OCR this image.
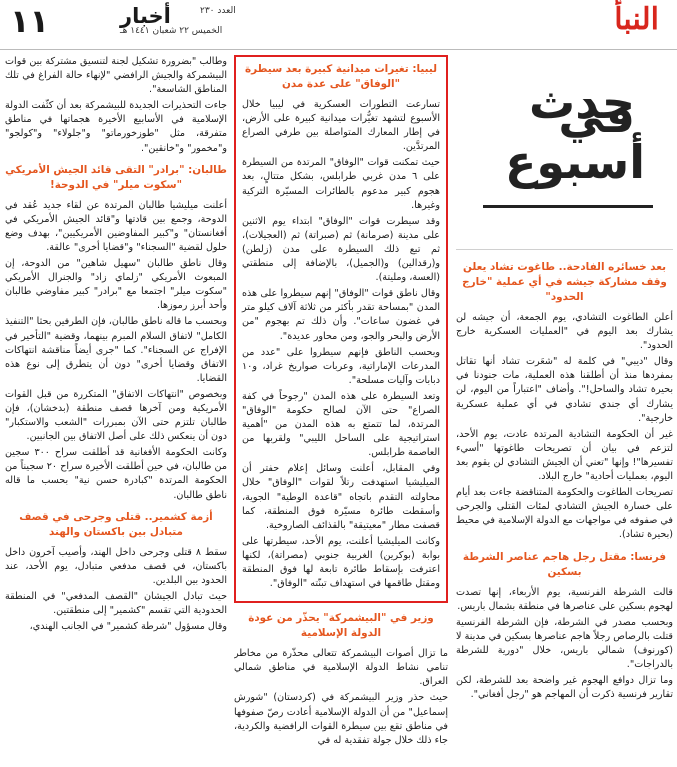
١١	أخبار	العدد ٢٣٠
الخميس ٢٢ شعبان ١٤٤١ هـ	النبأ
حدث في
أسبوع
بعد خسائره الفادحة.. طاغوت تشاد يعلن وقف مشاركة جيشه في أي عملية "خارج الحدود"

أعلن الطاغوت التشادي، يوم الجمعة، أن جيشه لن يشارك بعد اليوم في "العمليات العسكرية خارج الحدود".

وقال "ديبي" في كلمة له "شعَرت تشاد أنها تقاتل بمفردها منذ أن أطلقنا هذه العملية، مات جنودنا في بحيرة تشاد والساحل!". وأضاف "اعتباراً من اليوم، لن يشارك أي جندي تشادي في أي عملية عسكرية خارجية".

غير أن الحكومة التشادية المرتدة عادت، يوم الأحد، لتزعم في بيان أن تصريحات طاغوتها "أسيء تفسيرها"! وإنها "تعني أن الجيش التشادي لن يقوم بعد اليوم، بعمليات أحادية" خارج البلاد.

تصريحات الطاغوت والحكومة المتناقضة جاءت بعد أيام على خسارة الجيش التشادي لمئات القتلى والجرحى في صفوفه في مواجهات مع الدولة الإسلامية في محيط (بحيرة تشاد).

فرنسا: مقتل رجل هاجم عناصر الشرطة بسكين

قالت الشرطة الفرنسية، يوم الأربعاء، إنها تصدت لهجوم بسكين على عناصرها في منطقة بشمال باريس.

وبحسب مصدر في الشرطة، فإن الشرطة الفرنسية قتلت بالرصاص رجلاً هاجم عناصرها بسكين في مدينة لا (كورنوف) شمالي باريس، خلال "دورية للشرطة بالدراجات".

وما تزال دوافع الهجوم غير واضحة بعد للشرطة، لكن تقارير فرنسية ذكرت أن المهاجم هو "رجل أفغاني".

ليبيا: تغيرات ميدانية كبيرة بعد سيطرة "الوفاق" على عدة مدن

تسارعت التطورات العسكرية في ليبيا خلال الأسبوع لتشهد تغيُّرات ميدانية كبيرة على الأرض، في إطار المعارك المتواصلة بين طرفي الصراع المرتدَّين.

حيث تمكنت قوات "الوفاق" المرتدة من السيطرة على ٦ مدن غربي طرابلس، بشكل متتالٍ، بعد هجوم كبير مدعوم بالطائرات المسيّرة التركية وغيرها.

وقد سيطرت قوات "الوفاق" ابتداء يوم الاثنين على مدينة (صرمانة) ثم (صبراتة) ثم (العجيلات)، ثم تبع ذلك السيطرة على مدن (زلطن) و(رقدالين) و(الجميل)، بالإضافة إلى منطقتي (العسة، ومليتة).

وقال ناطق قوات "الوفاق" إنهم سيطروا على هذه المدن "بمساحة تقدر بأكثر من ثلاثة آلاف كيلو متر في غضون ساعات". وأن ذلك تم بهجوم "من الأرض والبحر والجو، ومن محاور عديدة".

وبحسب الناطق فإنهم سيطروا على "عدد من المدرعات الإماراتية، وعربات صواريخ غراد، و١٠ دبابات وآليات مسلحة".

وتعد السيطرة على هذه المدن "رجوحاً في كفة الصراع" حتى الآن لصالح حكومة "الوفاق" المرتدة، لما تتمتع به هذه المدن من "أهمية استراتيجية على الساحل الليبي" ولقربها من العاصمة طرابلس.

وفي المقابل، أعلنت وسائل إعلام حفتر أن الميليشيا استهدفت رتلاً لقوات "الوفاق" خلال محاولته التقدم باتجاه "قاعدة الوطية" الجوية، وأسقطت طائرة مسيّرة فوق المنطقة، كما قصفت مطار "معيتيقة" بالقذائف الصاروخية.

وكانت الميليشيا أعلنت، يوم الأحد، سيطرتها على بوابة (بوكرين) الغربية جنوبي (مصراتة)، لكنها اعترفت بإسقاط طائرة تابعة لها فوق المنطقة ومقتل طاقمها في استهداف تبنّته "الوفاق".

وزير في "البيشمركة" يحذّر من عودة الدولة الإسلامية

ما تزال أصوات البيشمركة تتعالى محذّرة من مخاطر تنامي نشاط الدولة الإسلامية في مناطق شمالي العراق.

حيث حذر وزير البيشمركة في (كردستان) "شورش إسماعيل" من أن الدولة الإسلامية أعادت رصّ صفوفها في مناطق تقع بين سيطرة القوات الرافضية والكردية، جاء ذلك خلال جولة تفقدية له في

وطالب "بضرورة تشكيل لجنة لتنسيق مشتركة بين قوات البيشمركة والجيش الرافضي "لإنهاء حالة الفراغ في تلك المناطق الشاسعة".

جاءت التحذيرات الجديدة للبيشمركة بعد أن كثّفت الدولة الإسلامية في الأسابيع الأخيرة هجماتها في مناطق متفرقة، مثل "طوزخورماتو" و"جلولاء" و"كولجو" و"مخمور" و"خانقين".

طالبان: "برادر" التقى قائد الجيش الأمريكي "سكوت ميلر" في الدوحة!

أعلنت ميليشيا طالبان المرتدة عن لقاء جديد عُقد في الدوحة، وجمع بين قادتها و"قائد الجيش الأمريكي في أفغانستان" و"كبير المفاوضين الأمريكيين"، بهدف وضع حلول لقضية "السجناء" و"قضايا أخرى" عالقة.

وقال ناطق طالبان "سهيل شاهين" من الدوحة، إن المبعوث الأمريكي "زلماي زاد" والجنرال الأمريكي "سكوت ميلر" اجتمعا مع "برادر" كبير مفاوضي طالبان وأحد أبرز رموزها.

وبحسب ما قاله ناطق طالبان، فإن الطرفين بحثا "التنفيذ الكامل" لاتفاق السلام المبرم بينهما، وقضية "التأخير في الإفراج عن السجناء". كما "جرى أيضاً مناقشة انتهاكات الاتفاق وقضايا أخرى" دون أن يتطرق إلى نوع هذه القضايا.

وبخصوص "انتهاكات الاتفاق" المتكررة من قبل القوات الأمريكية ومن آخرها قصف منطقة (بدخشان)، فإن طالبان تلتزم حتى الآن بمبررات "الشعب والاستكبار" دون أن ينعكس ذلك على أصل الاتفاق بين الجانبين.

وكانت الحكومة الأفغانية قد أطلقت سراح ٣٠٠ سجين من طالبان، في حين أطلقت الأخيرة سراح ٢٠ سجيناً من الحكومة المرتدة "كبادرة حسن نية" بحسب ما قاله ناطق طالبان.

أزمة كشمير.. قتلى وجرحى في قصف متبادل بين باكستان والهند

سقط ٨ قتلى وجرحى داخل الهند، وأصيب آخرون داخل باكستان، في قصف مدفعي متبادل، يوم الأحد، عند الحدود بين البلدين.

حيث تبادل الجيشان "القصف المدفعي" في المنطقة الحدودية التي تقسم "كشمير" إلى منطقتين.

وقال مسؤول "شرطة كشمير" في الجانب الهندي،
